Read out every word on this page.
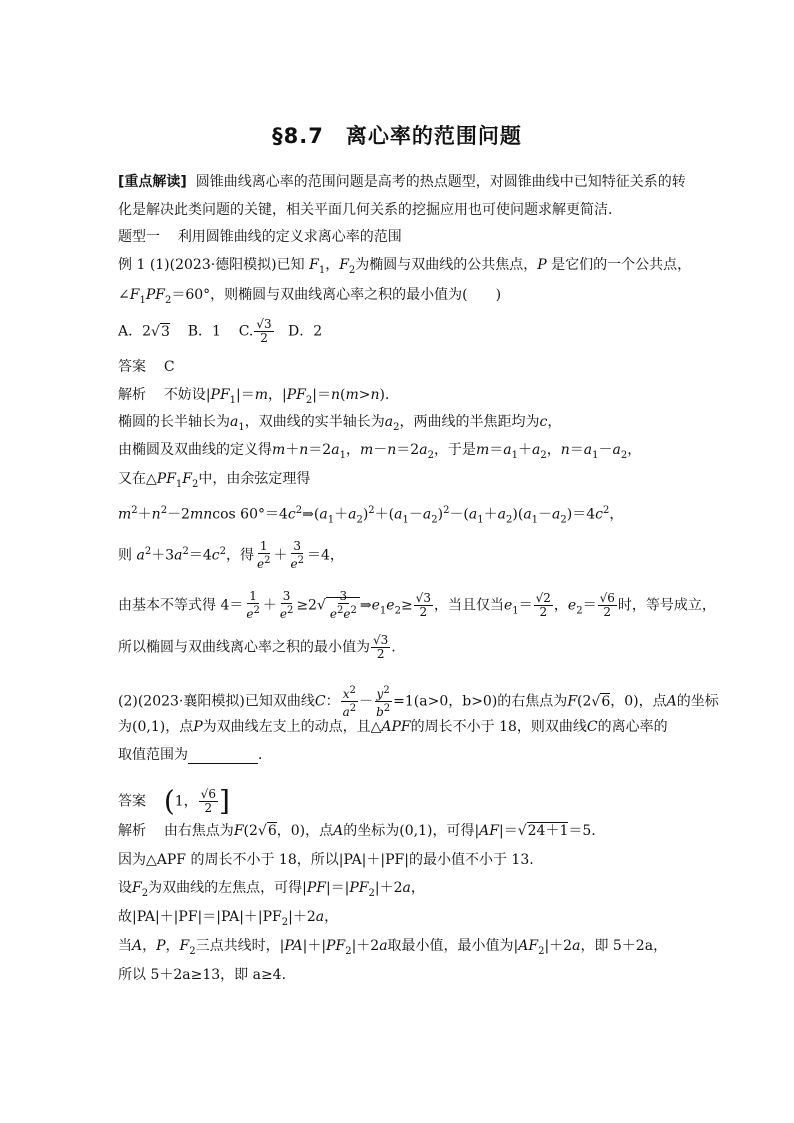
§8.7 离心率的范围问题
[重点解读] 圆锥曲线离心率的范围问题是高考的热点题型，对圆锥曲线中已知特征关系的转
化是解决此类问题的关键，相关平面几何关系的挖掘应用也可使问题求解更简洁.
题型一 利用圆锥曲线的定义求离心率的范围
例 1 (1)(2023·德阳模拟)已知 $F_1$，$F_2$为椭圆与双曲线的公共焦点，P 是它们的一个公共点，
$\angle F_1PF_2=60^\circ$，则椭圆与双曲线离心率之积的最小值为(　　)
A．2√3 B．1 C. $\frac{√3}{2}$ D．2
答案 C
解析 不妨设$|PF_1|=m$，$|PF_2|=n(m>n)$．
椭圆的长半轴长为$a_1$，双曲线的实半轴长为$a_2$，两曲线的半焦距均为c，
由椭圆及双曲线的定义得$m+n=2a_1$，$m-n=2a_2$，于是$m=a_1+a_2$，$n=a_1-a_2$，
又在$\triangle PF_1F_2$中，由余弦定理得
$m^2+n^2-2mncos$ $60^\circ=4c^2\Rightarrow(a_1+a_2)^2+(a_1-a_2)^2-(a_1+a_2)(a_1-a_2)=4c^2$，
则 $a^2+3a^2=4c^2$，得 $\frac{1}{e^2} + \frac{3}{e^2} =4$，
由基本不等式得 $4= \frac{1}{e^2} + \frac{3}{e^2} \ge 2√ \frac{3}{e^2e^2}$ $\Rightarrow e_1e_2\ge \frac{√3}{2}$ ，当且仅当$e_1= \frac{√2}{2}$ ，$e_2= \frac{√6}{2}$ 时，等号成立，
所以椭圆与双曲线离心率之积的最小值为 $\frac{√3}{2}$ .
(2)(2023·襄阳模拟)已知双曲线C： $\frac{x^2}{a^2} - \frac{y^2}{b^2} =1(a>0$，b>0)的右焦点为F(2√6，0)，点A的坐标
为(0,1)，点P为双曲线左支上的动点，且△APF的周长不小于 18，则双曲线C的离心率的
取值范围为	．
答案 (1， $\frac{√6}{2}$ ]
解析 由右焦点为F(2√6，0)，点A的坐标为(0,1)，可得|AF|＝√24＋1＝5.
因为△APF 的周长不小于 18，所以|PA|＋|PF|的最小值不小于 13.
设$F_2$为双曲线的左焦点，可得$|PF|=|PF_2|+2a$，
故$|PA|+|PF|=|PA|+|PF_2|+2a$，
当A，P，$F_2$三点共线时，$|PA|+|PF_2|+2a$取最小值，最小值为$|AF_2|+2a$，即 5＋2a，
所以 5＋2a≥13，即 a≥4.
